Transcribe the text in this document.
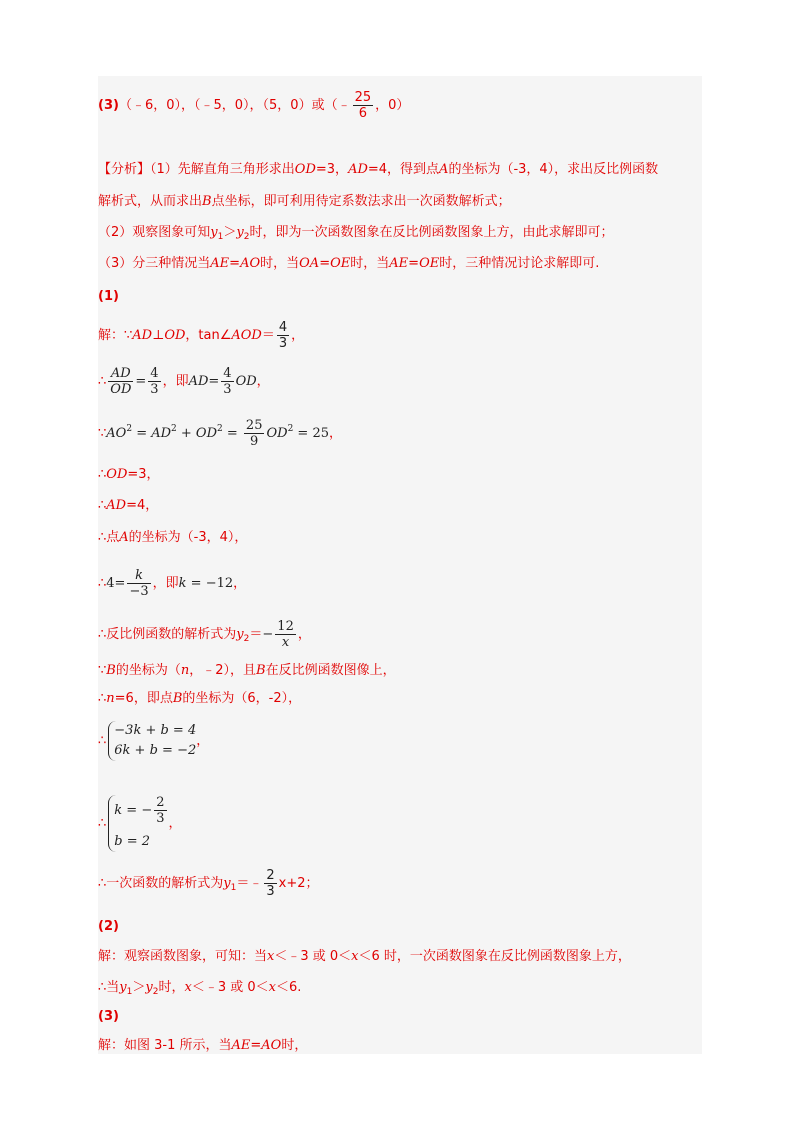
(3)（﹣6，0），（﹣5，0），（5，0）或（﹣ $\frac{25}{6}$ ，0）
【分析】（1）先解直角三角形求出OD=3，AD=4，得到点A的坐标为（-3，4），求出反比例函数
解析式，从而求出B点坐标，即可利用待定系数法求出一次函数解析式；
（2）观察图象可知$y_1>y_2$时，即为一次函数图象在反比例函数图象上方，由此求解即可；
（3）分三种情况当AE=AO时，当OA=OE时，当AE=OE时，三种情况讨论求解即可.
(1)
解：∵AD⊥OD，tan∠AOD＝ $\frac{4}{3}$ ，
∴ $\frac{AD}{OD} = \frac{4}{3}$ ，即$AD= \frac{4}{3}$ OD，
$\because AO^2 = AD^2 + OD^2 = \frac{25}{9} OD^2 = 25$，
∴OD=3，
∴AD=4，
∴点A的坐标为（-3，4），
∴4= $\frac{k}{-3}$ ，即k = −12，
∴反比例函数的解析式为$y_2=- \frac{12}{x}$ ，
∵B的坐标为（n，﹣2），且B在反比例函数图像上，
∴n=6，即点B的坐标为（6，-2），
∴
−3k + b = 4
6k + b = −2
，
∴
k = − $\frac{2}{3}$
b = 2
，
∴一次函数的解析式为$y_1=﹣ \frac{2}{3} x+2$；
(2)
解：观察函数图象，可知：当x＜﹣3 或 0＜x＜6 时，一次函数图象在反比例函数图象上方，
∴当$y_1>y_2$时，x＜﹣3 或 0＜x＜6.
(3)
解：如图 3-1 所示，当AE=AO时，
